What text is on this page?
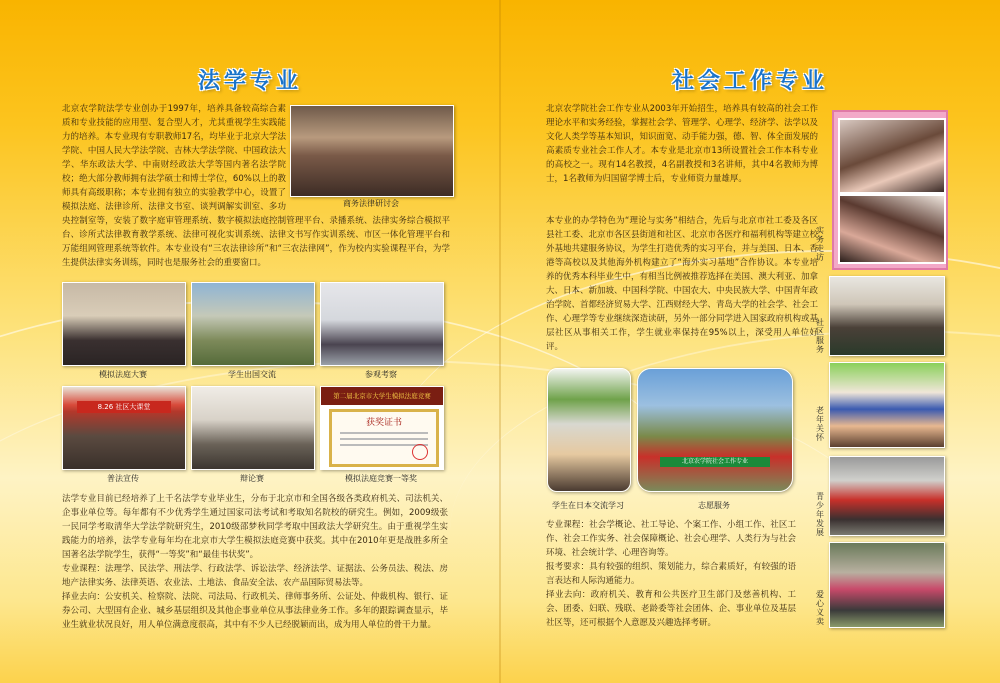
法学专业

北京农学院法学专业创办于1997年，培养具备较高综合素质和专业技能的应用型、复合型人才，尤其重视学生实践能力的培养。本专业现有专职教师17名，均毕业于北京大学法学院、中国人民大学法学院、吉林大学法学院、中国政法大学、华东政法大学、中南财经政法大学等国内著名法学院校；绝大部分教师拥有法学硕士和博士学位，60%以上的教师具有高级职称；本专业拥有独立的实验教学中心，设置了模拟法庭、法律诊所、法律文书室、谈判调解实训室、多功	商务法律研讨会

央控制室等，安装了数字庭审管理系统、数字模拟法庭控制管理平台、录播系统、法律实务综合模拟平台、诊所式法律教育教学系统、法律可视化实训系统、法律文书写作实训系统、市区一体化管理平台和万能组网管理系统等软件。本专业设有“三农法律诊所”和“三农法律网”，作为校内实验课程平台，为学生提供法律实务训练，同时也是服务社会的重要窗口。

模拟法庭大赛	学生出国交流	参观考察
8.26 社区大课堂
第二届北京市大学生模拟法庭竞赛
获奖证书
普法宣传	辩论赛	模拟法庭竞赛一等奖

法学专业目前已经培养了上千名法学专业毕业生，分布于北京市和全国各级各类政府机关、司法机关、企事业单位等。每年都有不少优秀学生通过国家司法考试和考取知名院校的研究生。例如，2009级张一民同学考取清华大学法学院研究生，2010级邵梦秋同学考取中国政法大学研究生。由于重视学生实践能力的培养，法学专业每年均在北京市大学生模拟法庭竞赛中获奖。其中在2010年更是战胜多所全国著名法学院学生，获得“一等奖”和“最佳书状奖”。

专业课程：法理学、民法学、刑法学、行政法学、诉讼法学、经济法学、证据法、公务员法、税法、房地产法律实务、法律英语、农业法、土地法、食品安全法、农产品国际贸易法等。

择业去向：公安机关、检察院、法院、司法局、行政机关、律师事务所、公证处、仲裁机构、银行、证券公司、大型国有企业、城乡基层组织及其他企事业单位从事法律业务工作。多年的跟踪调查显示，毕业生就业状况良好，用人单位满意度很高，其中有不少人已经脱颖而出，成为用人单位的骨干力量。

社会工作专业

北京农学院社会工作专业从2003年开始招生，培养具有较高的社会工作理论水平和实务经验，掌握社会学、管理学、心理学、经济学、法学以及文化人类学等基本知识，知识面宽、动手能力强，德、智、体全面发展的高素质专业社会工作人才。本专业是北京市13所设置社会工作本科专业的高校之一。现有14名教授，4名副教授和3名讲师，其中4名教师为博士，1名教师为归国留学博士后，专业师资力量雄厚。

本专业的办学特色为“理论与实务”相结合，先后与北京市社工委及各区县社工委、北京市各区县街道和社区、北京市各医疗和福利机构等建立校外基地共建服务协议，为学生打造优秀的实习平台，并与美国、日本、香港等高校以及其他海外机构建立了“海外实习基地”合作协议。本专业培养的优秀本科毕业生中，有相当比例被推荐选择在美国、澳大利亚、加拿大、日本、新加坡、中国科学院、中国农大、中央民族大学、中国青年政治学院、首都经济贸易大学、江西财经大学、青岛大学的社会学、社会工作、心理学等专业继续深造读研，另外一部分同学进入国家政府机构或基层社区从事相关工作，学生就业率保持在95%以上，深受用人单位好评。

北京农学院社会工作专业
学生在日本交流学习	志愿服务

专业课程：社会学概论、社工导论、个案工作、小组工作、社区工作、社会工作实务、社会保障概论、社会心理学、人类行为与社会环境、社会统计学、心理咨询等。

报考要求：具有较强的组织、策划能力，综合素质好，有较强的语言表达和人际沟通能力。

择业去向：政府机关、教育和公共医疗卫生部门及慈善机构、工会、团委、妇联、残联、老龄委等社会团体、企、事业单位及基层社区等，还可根据个人意愿及兴趣选择考研。

实务走访
社区服务
老年关怀
青少年发展
爱心义卖
